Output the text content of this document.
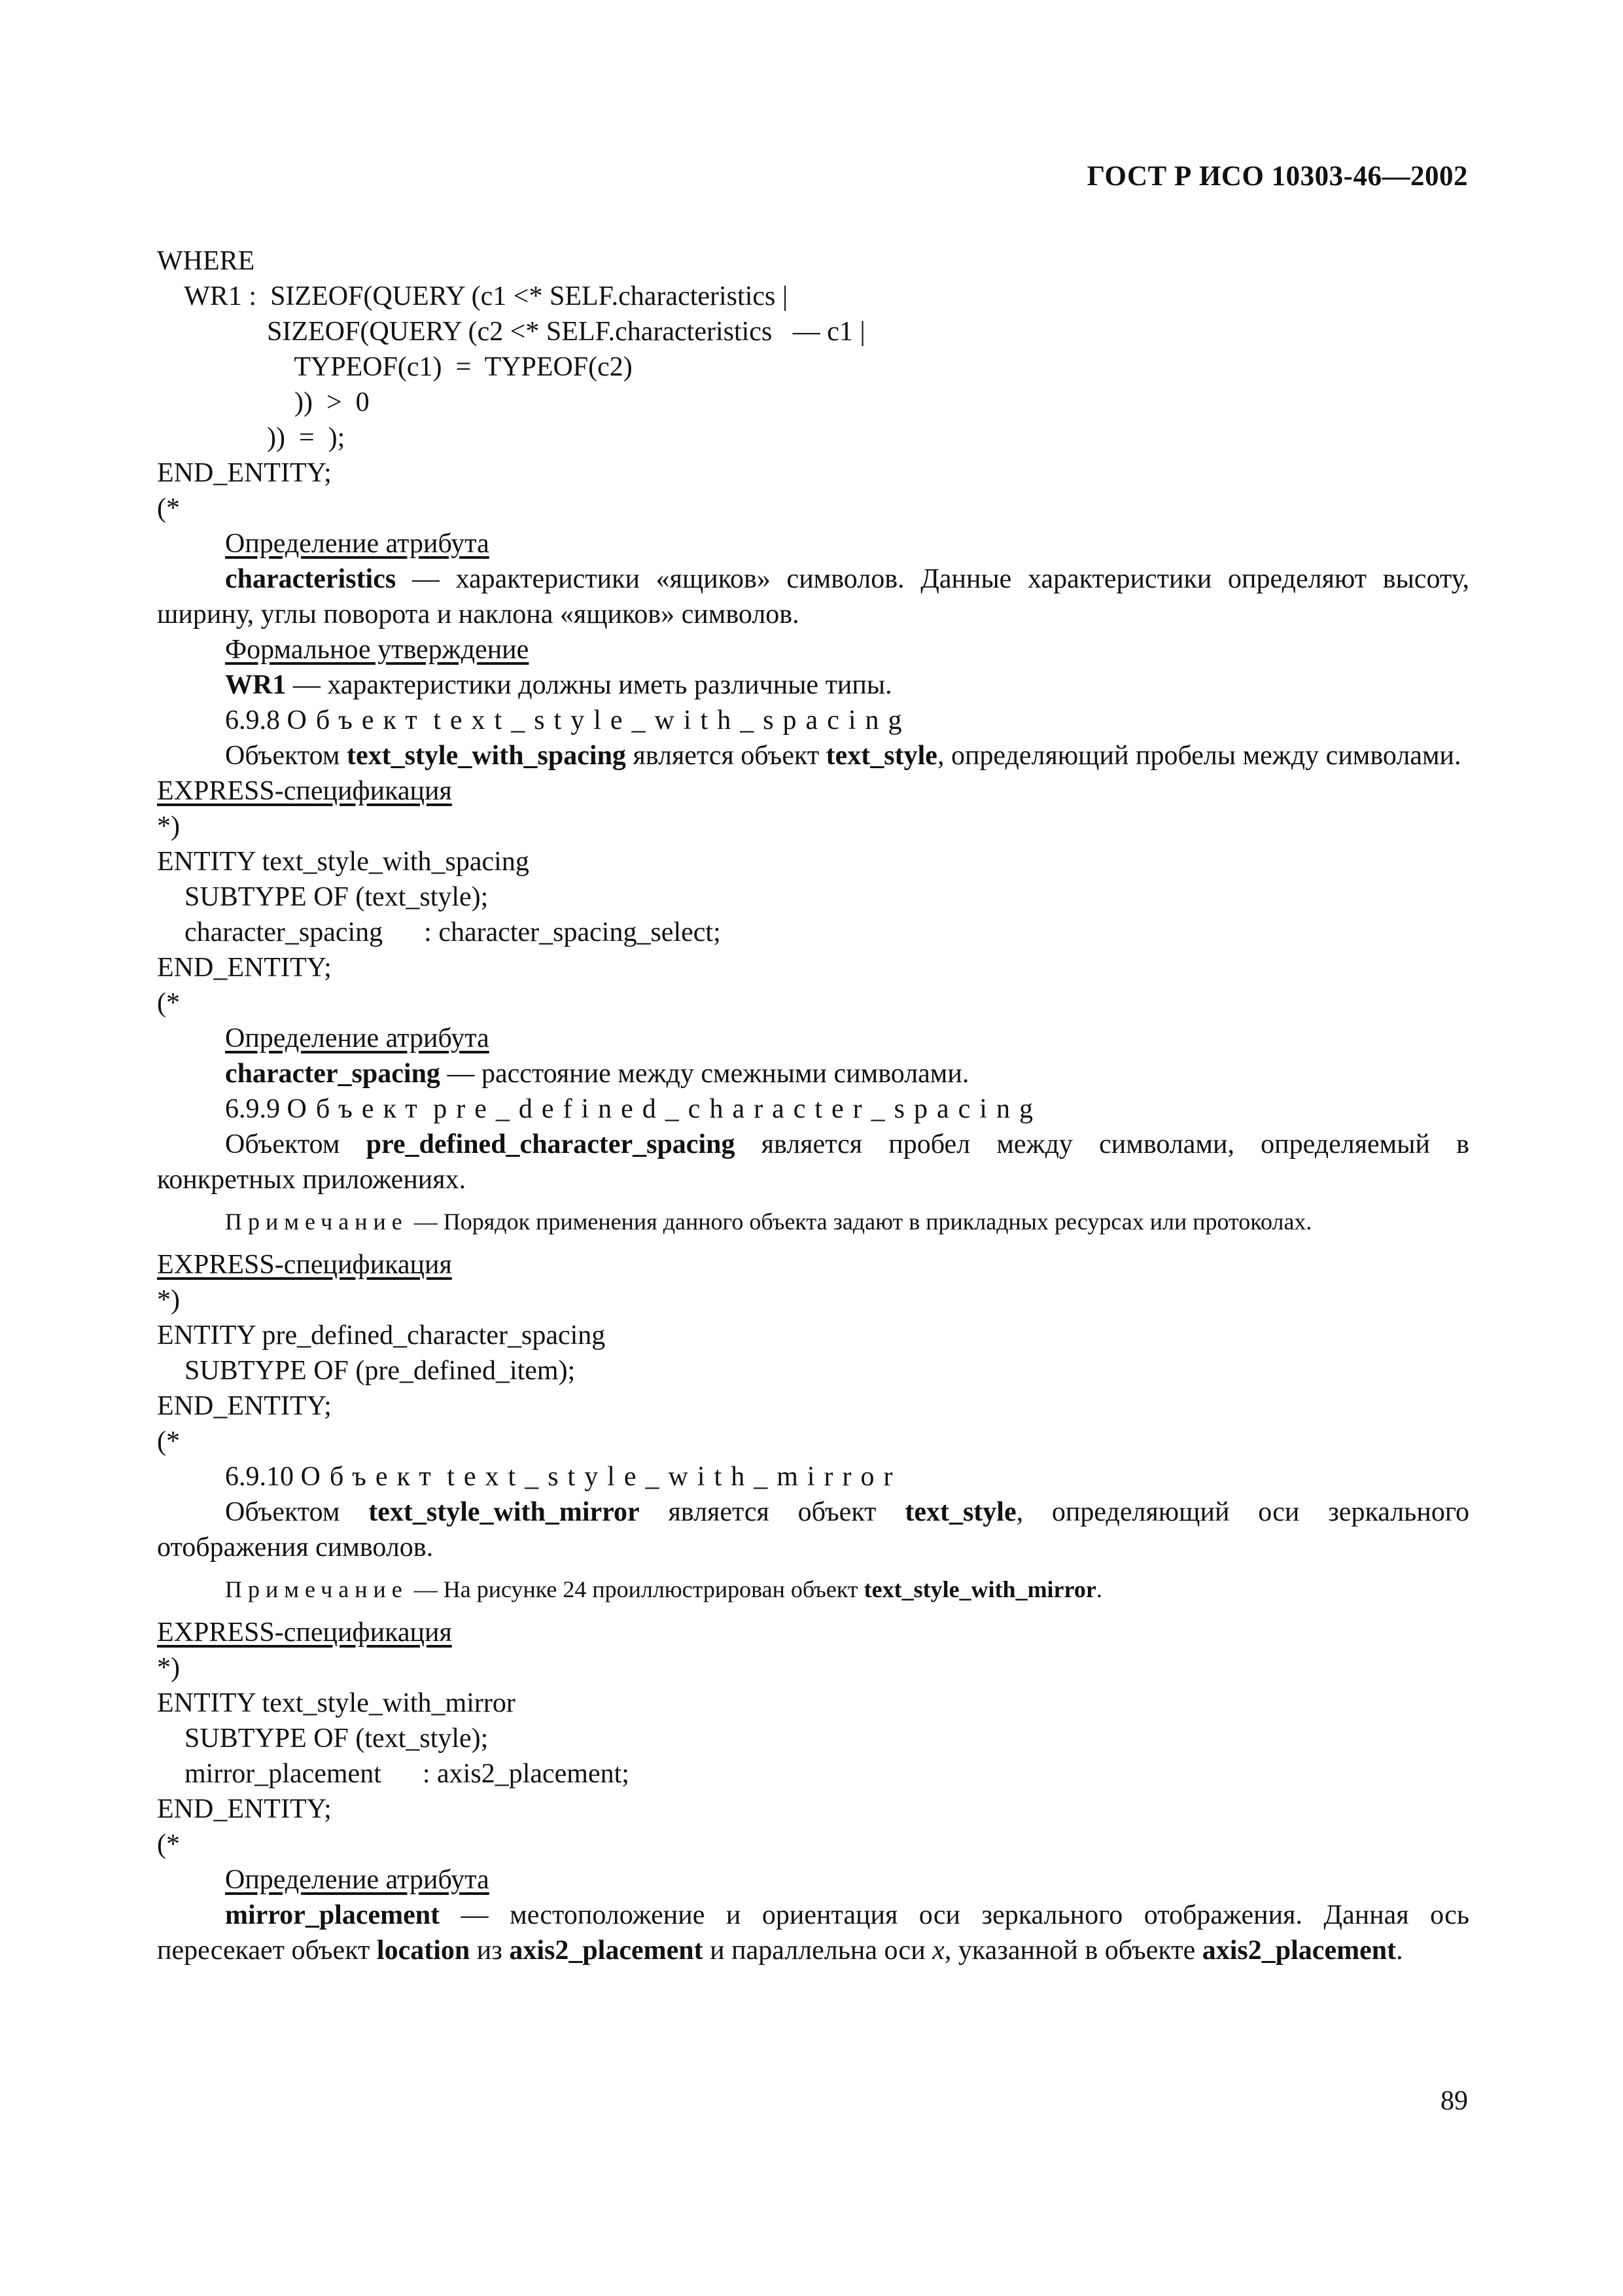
ГОСТ Р ИСО 10303-46—2002
WHERE
WR1 :  SIZEOF(QUERY (c1 <* SELF.characteristics |
SIZEOF(QUERY (c2 <* SELF.characteristics   — c1 |
TYPEOF(c1)  =  TYPEOF(c2)
))  >  0
))  =  );
END_ENTITY;
(*
Определение атрибута
characteristics — характеристики «ящиков» символов. Данные характеристики определяют высоту, ширину, углы поворота и наклона «ящиков» символов.
Формальное утверждение
WR1 — характеристики должны иметь различные типы.
6.9.8 Объект text_style_with_spacing
Объектом text_style_with_spacing является объект text_style, определяющий пробелы между символами.
EXPRESS-спецификация
*)
ENTITY text_style_with_spacing
SUBTYPE OF (text_style);
character_spacing      : character_spacing_select;
END_ENTITY;
(*
Определение атрибута
character_spacing — расстояние между смежными символами.
6.9.9 Объект pre_defined_character_spacing
Объектом pre_defined_character_spacing является пробел между символами, определяемый в конкретных приложениях.
Примечание — Порядок применения данного объекта задают в прикладных ресурсах или протоколах.
EXPRESS-спецификация
*)
ENTITY pre_defined_character_spacing
SUBTYPE OF (pre_defined_item);
END_ENTITY;
(*
6.9.10 Объект text_style_with_mirror
Объектом text_style_with_mirror является объект text_style, определяющий оси зеркального отображения символов.
Примечание — На рисунке 24 проиллюстрирован объект text_style_with_mirror.
EXPRESS-спецификация
*)
ENTITY text_style_with_mirror
SUBTYPE OF (text_style);
mirror_placement      : axis2_placement;
END_ENTITY;
(*
Определение атрибута
mirror_placement — местоположение и ориентация оси зеркального отображения. Данная ось пересекает объект location из axis2_placement и параллельна оси x, указанной в объекте axis2_placement.
89
